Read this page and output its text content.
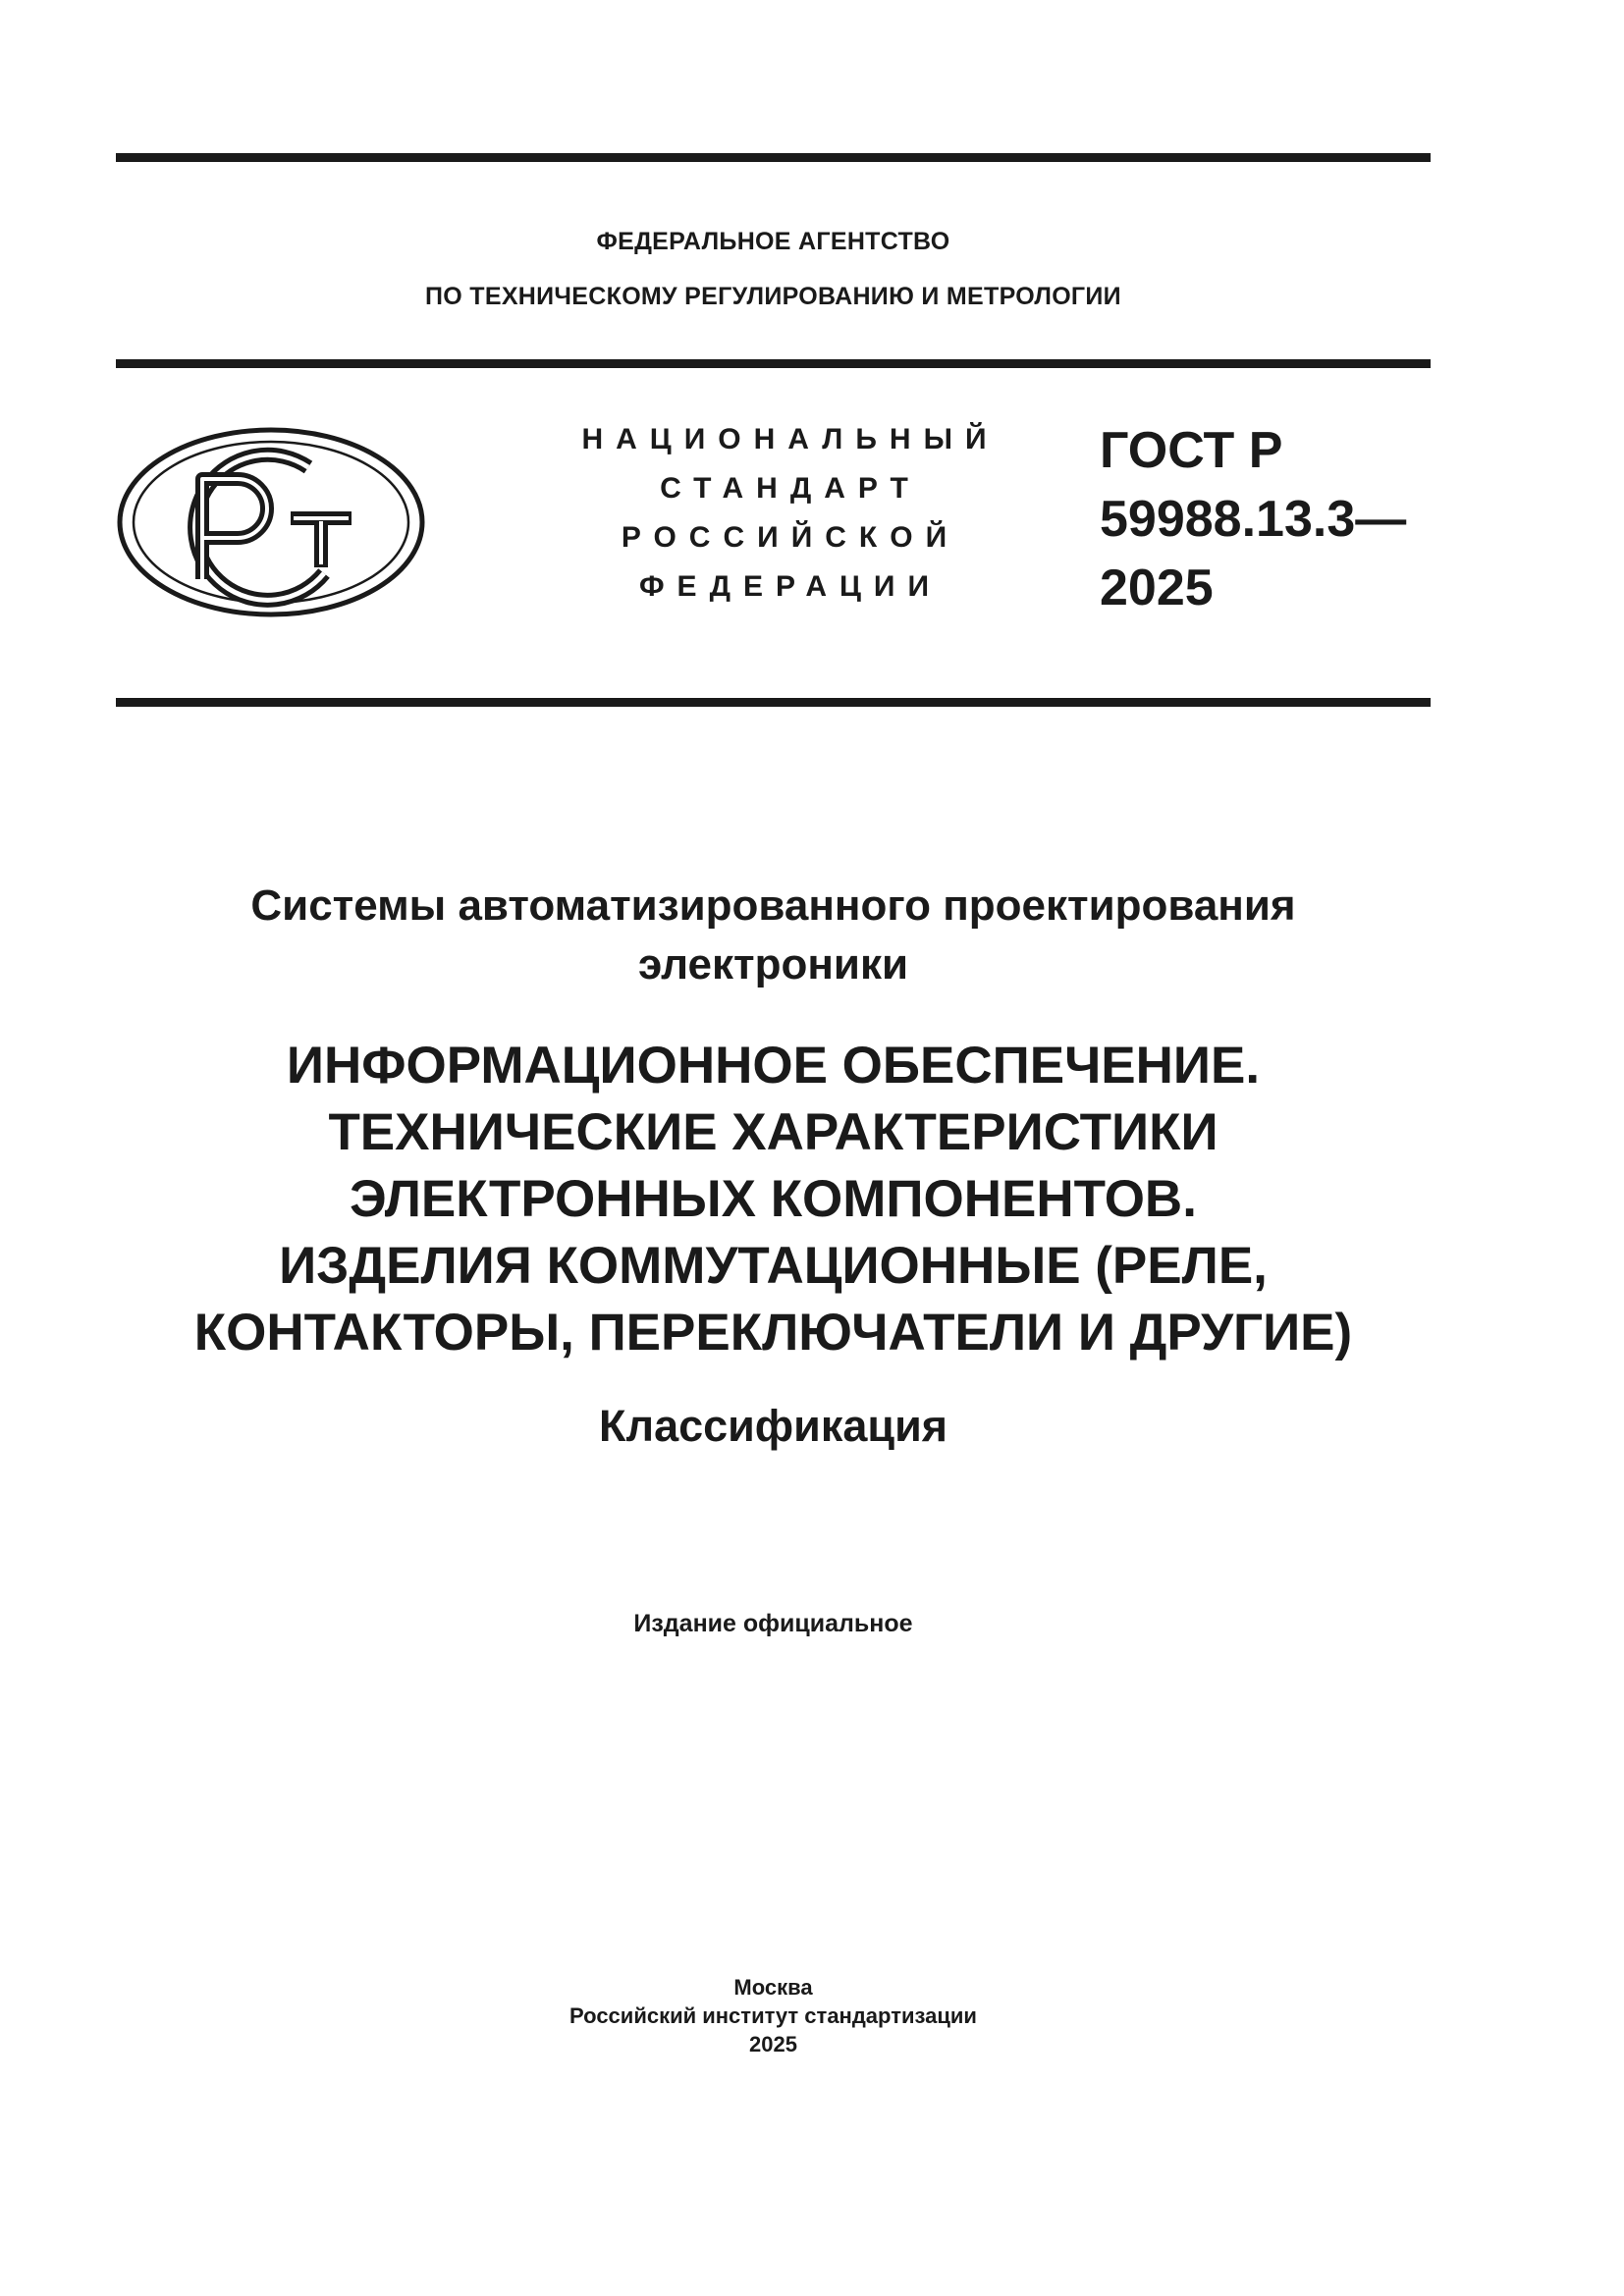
ФЕДЕРАЛЬНОЕ АГЕНТСТВО
ПО ТЕХНИЧЕСКОМУ РЕГУЛИРОВАНИЮ И МЕТРОЛОГИИ
НАЦИОНАЛЬНЫЙ
СТАНДАРТ
РОССИЙСКОЙ
ФЕДЕРАЦИИ
ГОСТ Р
59988.13.3—
2025
Системы автоматизированного проектирования
электроники
ИНФОРМАЦИОННОЕ ОБЕСПЕЧЕНИЕ.
ТЕХНИЧЕСКИЕ ХАРАКТЕРИСТИКИ
ЭЛЕКТРОННЫХ КОМПОНЕНТОВ.
ИЗДЕЛИЯ КОММУТАЦИОННЫЕ (РЕЛЕ,
КОНТАКТОРЫ, ПЕРЕКЛЮЧАТЕЛИ И ДРУГИЕ)
Классификация
Издание официальное
Москва
Российский институт стандартизации
2025
